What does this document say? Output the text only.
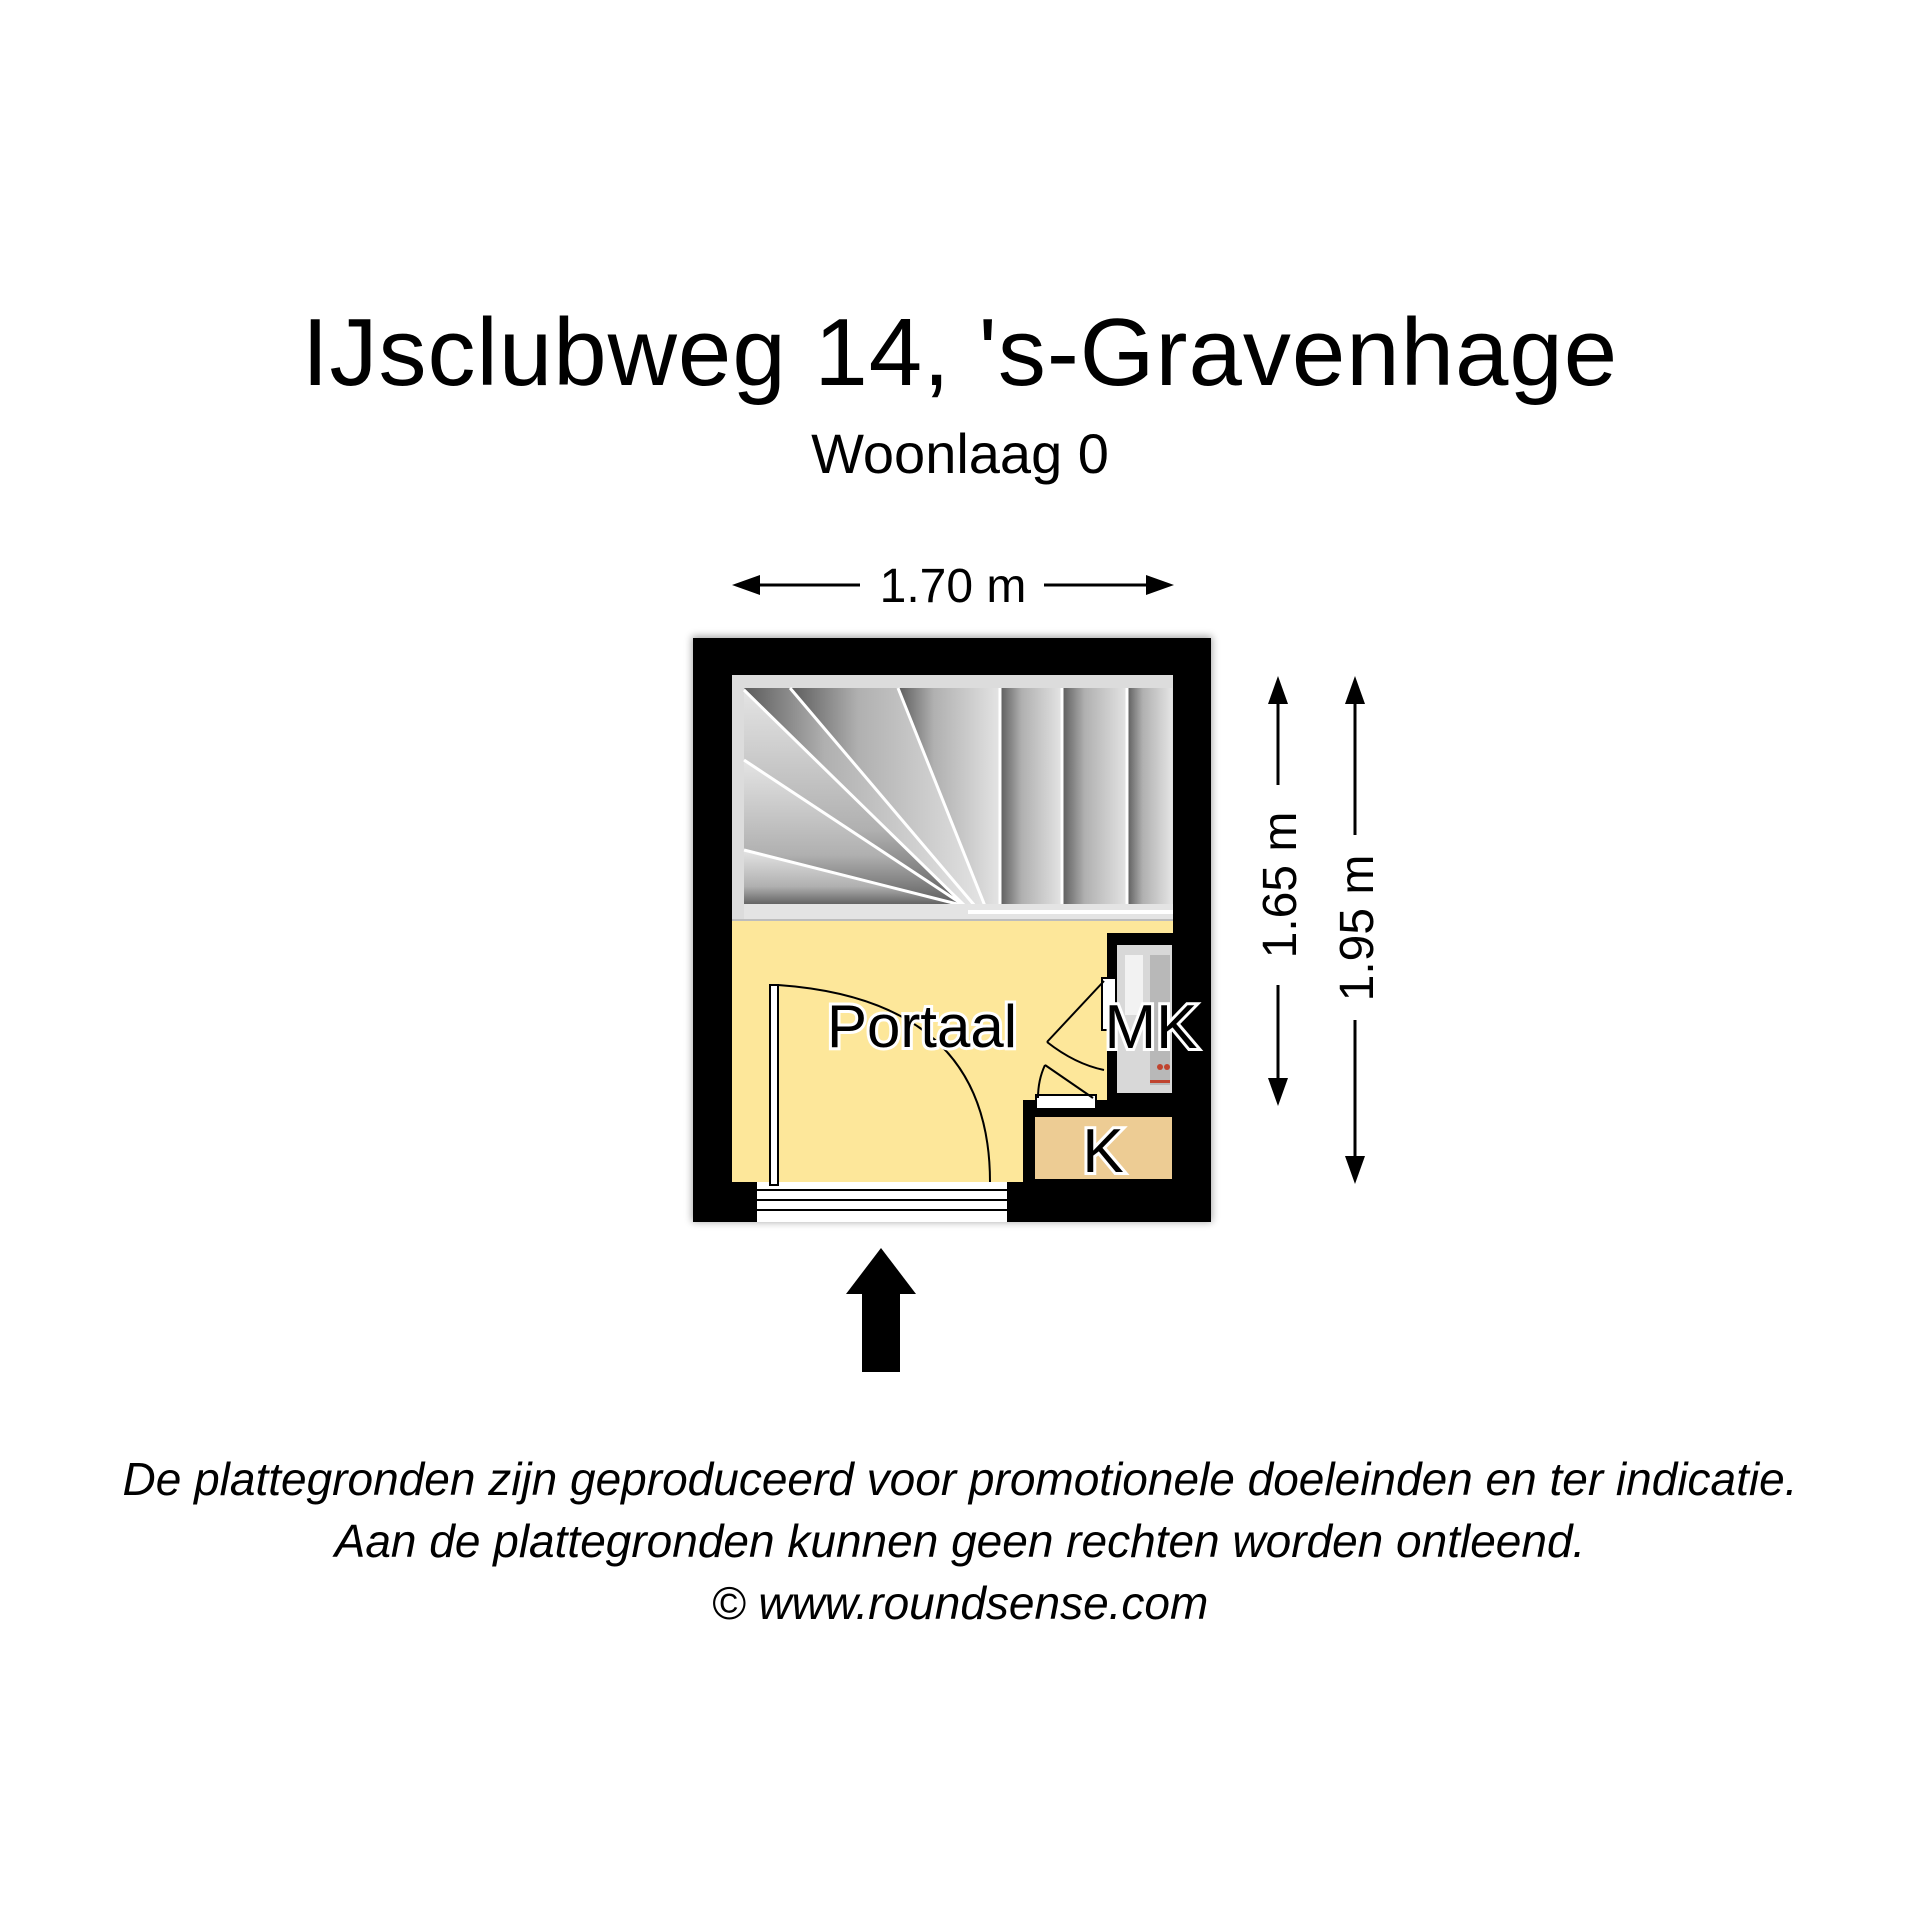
IJsclubweg 14, 's-Gravenhage
Woonlaag 0
1.70 m
Portaal MK
K
1.65 m 1.95 m
De plattegronden zijn geproduceerd voor promotionele doeleinden en ter indicatie.
Aan de plattegronden kunnen geen rechten worden ontleend.
© www.roundsense.com
